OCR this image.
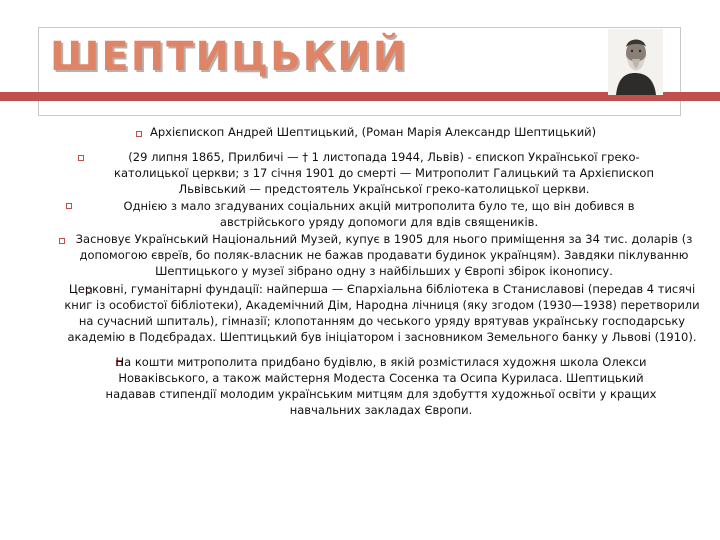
ШЕПТИЦЬКИЙ
Архієпископ Андрей Шептицький, (Роман Марія Александр Шептицький)
(29 липня 1865, Прилбичі — † 1 листопада 1944, Львів) - єпископ Української греко-католицької церкви; з 17 січня 1901 до смерті — Митрополит Галицький та Архієпископ Львівський — предстоятель Української греко-католицької церкви.
Однією з мало згадуваних соціальних акцій митрополита було те, що він добився в австрійського уряду допомоги для вдів священиків.
Засновує Український Національний Музей, купує в 1905 для нього приміщення за 34 тис. доларів (з допомогою євреїв, бо поляк-власник не бажав продавати будинок українцям). Завдяки піклуванню Шептицького у музеї зібрано одну з найбільших у Європі збірок іконопису.
Церковні, гуманітарні фундації: найперша — Єпархіальна бібліотека в Станиславові (передав 4 тисячі книг із особистої бібліотеки), Академічний Дім, Народна лічниця (яку згодом (1930—1938) перетворили на сучасний шпиталь), гімназії; клопотанням до чеського уряду врятував українську господарську академію в Подєбрадах. Шептицький був ініціатором і засновником Земельного банку у Львові (1910).
На кошти митрополита придбано будівлю, в якій розмістилася художня школа Олекси Новаківського, а також майстерня Модеста Сосенка та Осипа Куриласа. Шептицький надавав стипендії молодим українським митцям для здобуття художньої освіти у кращих навчальних закладах Європи.
